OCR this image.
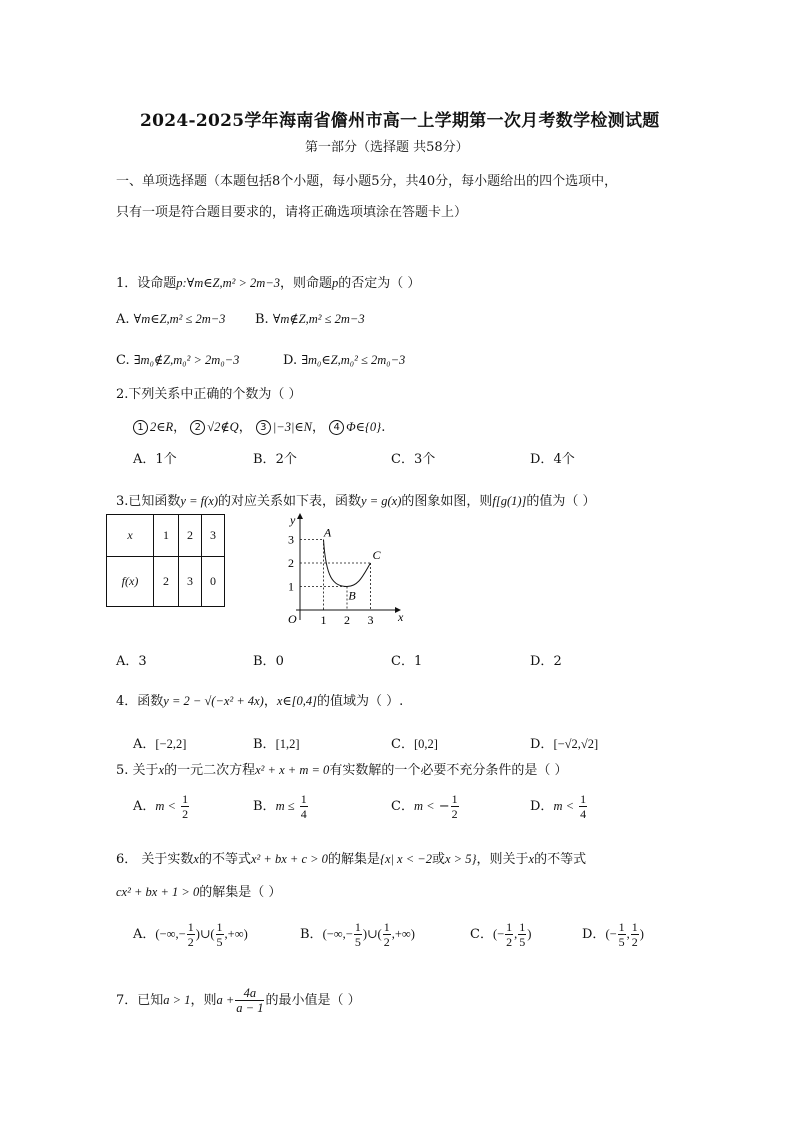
2024-2025学年海南省儋州市高一上学期第一次月考数学检测试题
第一部分（选择题 共58分）
一、单项选择题（本题包括8个小题，每小题5分，共40分，每小题给出的四个选项中，
只有一项是符合题目要求的，请将正确选项填涂在答题卡上）
1．设命题p:∀m∈Z,m² > 2m−3，则命题p的否定为（ ）
A. ∀m∈Z,m² ≤ 2m−3 B. ∀m∉Z,m² ≤ 2m−3
C. ∃m₀∉Z,m₀² > 2m₀−3	D. ∃m₀∈Z,m₀² ≤ 2m₀−3
2.下列关系中正确的个数为（ ）
1 2∈R， 2 √2∉Q， 3 |−3|∈N， 4 Φ∈{0}.
A．1个	B．2个	C．3个	D．4个
3.已知函数y = f(x)的对应关系如下表，函数y = g(x)的图象如图，则f[g(1)]的值为（ ）
x	1	2	3
f(x)	2	3	0
1 2 3
1
2
3 A
B
C
x
y
O
A．3	B．0	C．1	D．2
4．函数y = 2 − √(−x² + 4x)，x∈[0,4]的值域为（ ）.
A．[−2,2]	B．[1,2]	C．[0,2]	D．[−√2,√2]
5. 关于x的一元二次方程x² + x + m = 0有实数解的一个必要不充分条件的是（ ）
A．$m < \frac{1}{2}$	B．$m \le \frac{1}{4}$	C．m < − $\frac{1}{2}$	D．$m < \frac{1}{4}$
6． 关于实数x的不等式x² + bx + c > 0的解集是{x| x < −2或x > 5}，则关于x的不等式
cx² + bx + 1 > 0的解集是（ ）
A．(−∞,− $\frac{1}{2}$ )∪( $\frac{1}{5}$ ,+∞)	B．(−∞,− $\frac{1}{5}$ )∪( $\frac{1}{2}$ ,+∞)	C．(− $\frac{1}{2}$ , $\frac{1}{5}$ )	D．(− $\frac{1}{5}$ , $\frac{1}{2}$ )
7．已知a > 1，则$a + \frac{4a}{a - 1}$ 的最小值是（ ）
